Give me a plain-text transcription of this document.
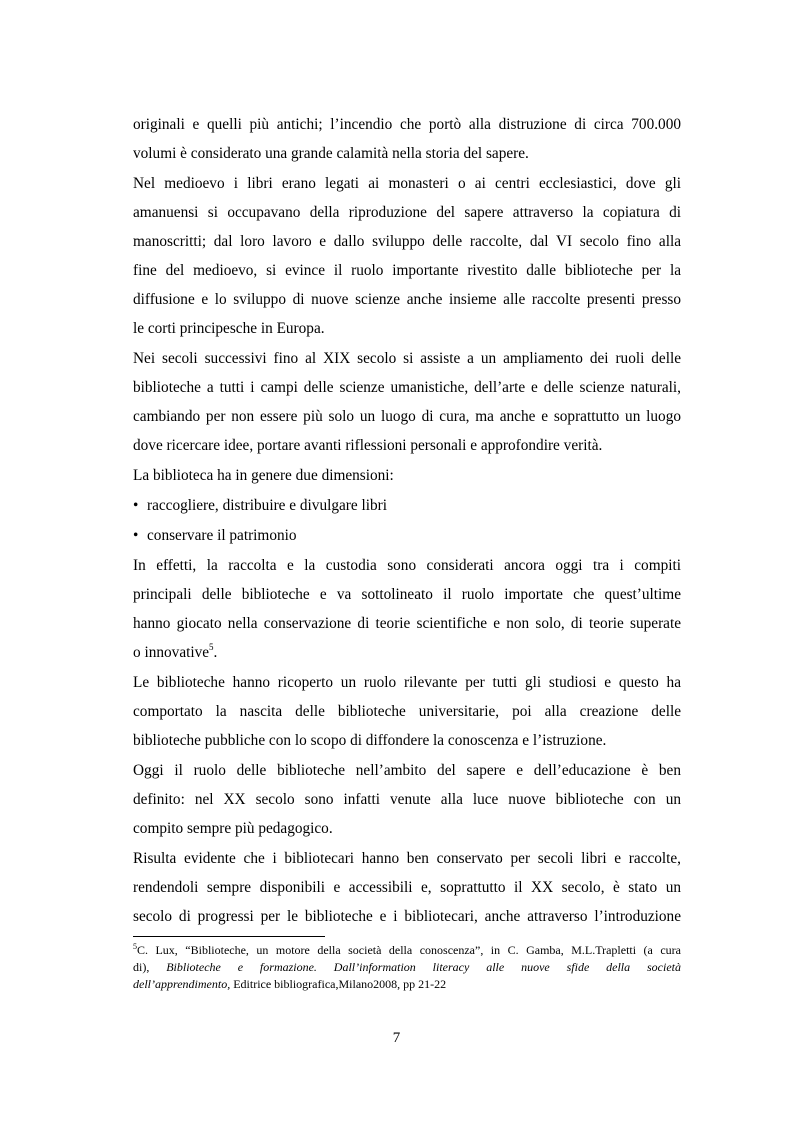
originali e quelli più antichi; l’incendio che portò alla distruzione di circa 700.000
volumi è considerato una grande calamità nella storia del sapere.
Nel medioevo i libri erano legati ai monasteri o ai centri ecclesiastici, dove gli
amanuensi si occupavano della riproduzione del sapere attraverso la copiatura di
manoscritti; dal loro lavoro e dallo sviluppo delle raccolte, dal VI secolo fino alla
fine del medioevo, si evince il ruolo importante rivestito dalle biblioteche per la
diffusione e lo sviluppo di nuove scienze anche insieme alle raccolte presenti presso
le corti principesche in Europa.
Nei secoli successivi fino al XIX secolo si assiste a un ampliamento dei ruoli delle
biblioteche a tutti i campi delle scienze umanistiche, dell’arte e delle scienze naturali,
cambiando per non essere più solo un luogo di cura, ma anche e soprattutto un luogo
dove ricercare idee, portare avanti riflessioni personali e approfondire verità.
La biblioteca ha in genere due dimensioni:
• raccogliere, distribuire e divulgare libri
• conservare il patrimonio
In effetti, la raccolta e la custodia sono considerati ancora oggi tra i compiti
principali delle biblioteche e va sottolineato il ruolo importate che quest’ultime
hanno giocato nella conservazione di teorie scientifiche e non solo, di teorie superate
o innovative$^5$.
Le biblioteche hanno ricoperto un ruolo rilevante per tutti gli studiosi e questo ha
comportato la nascita delle biblioteche universitarie, poi alla creazione delle
biblioteche pubbliche con lo scopo di diffondere la conoscenza e l’istruzione.
Oggi il ruolo delle biblioteche nell’ambito del sapere e dell’educazione è ben
definito: nel XX secolo sono infatti venute alla luce nuove biblioteche con un
compito sempre più pedagogico.
Risulta evidente che i bibliotecari hanno ben conservato per secoli libri e raccolte,
rendendoli sempre disponibili e accessibili e, soprattutto il XX secolo, è stato un
secolo di progressi per le biblioteche e i bibliotecari, anche attraverso l’introduzione
$^5$C. Lux, “Biblioteche, un motore della società della conoscenza”, in C. Gamba, M.L.Trapletti (a cura
di), Biblioteche e formazione. Dall’information literacy alle nuove sfide della società
dell’apprendimento, Editrice bibliografica,Milano2008, pp 21-22
7
